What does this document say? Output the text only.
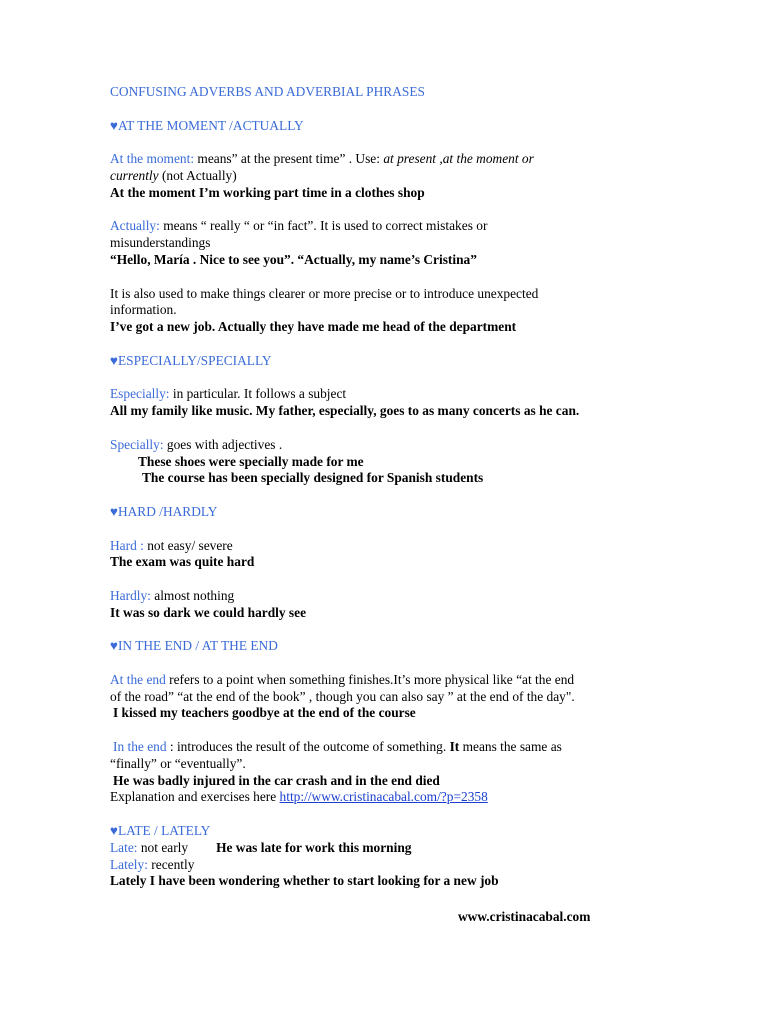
CONFUSING ADVERBS AND ADVERBIAL PHRASES

♥AT THE MOMENT /ACTUALLY

At the moment: means” at the present time” . Use: at present ,at the moment or

currently (not Actually)

At the moment I’m working part time in a clothes shop

Actually: means “ really “ or “in fact”. It is used to correct mistakes or

misunderstandings

“Hello, María . Nice to see you”. “Actually, my name’s Cristina”

It is also used to make things clearer or more precise or to introduce unexpected

information.

I’ve got a new job. Actually they have made me head of the department

♥ESPECIALLY/SPECIALLY

Especially: in particular. It follows a subject

All my family like music. My father, especially, goes to as many concerts as he can.

Specially: goes with adjectives .

These shoes were specially made for me

The course has been specially designed for Spanish students

♥HARD /HARDLY

Hard : not easy/ severe

The exam was quite hard

Hardly: almost nothing

It was so dark we could hardly see

♥IN THE END / AT THE END

At the end refers to a point when something finishes.It’s more physical like “at the end

of the road” “at the end of the book” , though you can also say ” at the end of the day".

I kissed my teachers goodbye at the end of the course

In the end : introduces the result of the outcome of something. It means the same as

“finally” or “eventually”.

He was badly injured in the car crash and in the end died

Explanation and exercises here http://www.cristinacabal.com/?p=2358

♥LATE / LATELY

Late: not early He was late for work this morning

Lately: recently

Lately I have been wondering whether to start looking for a new job

www.cristinacabal.com
